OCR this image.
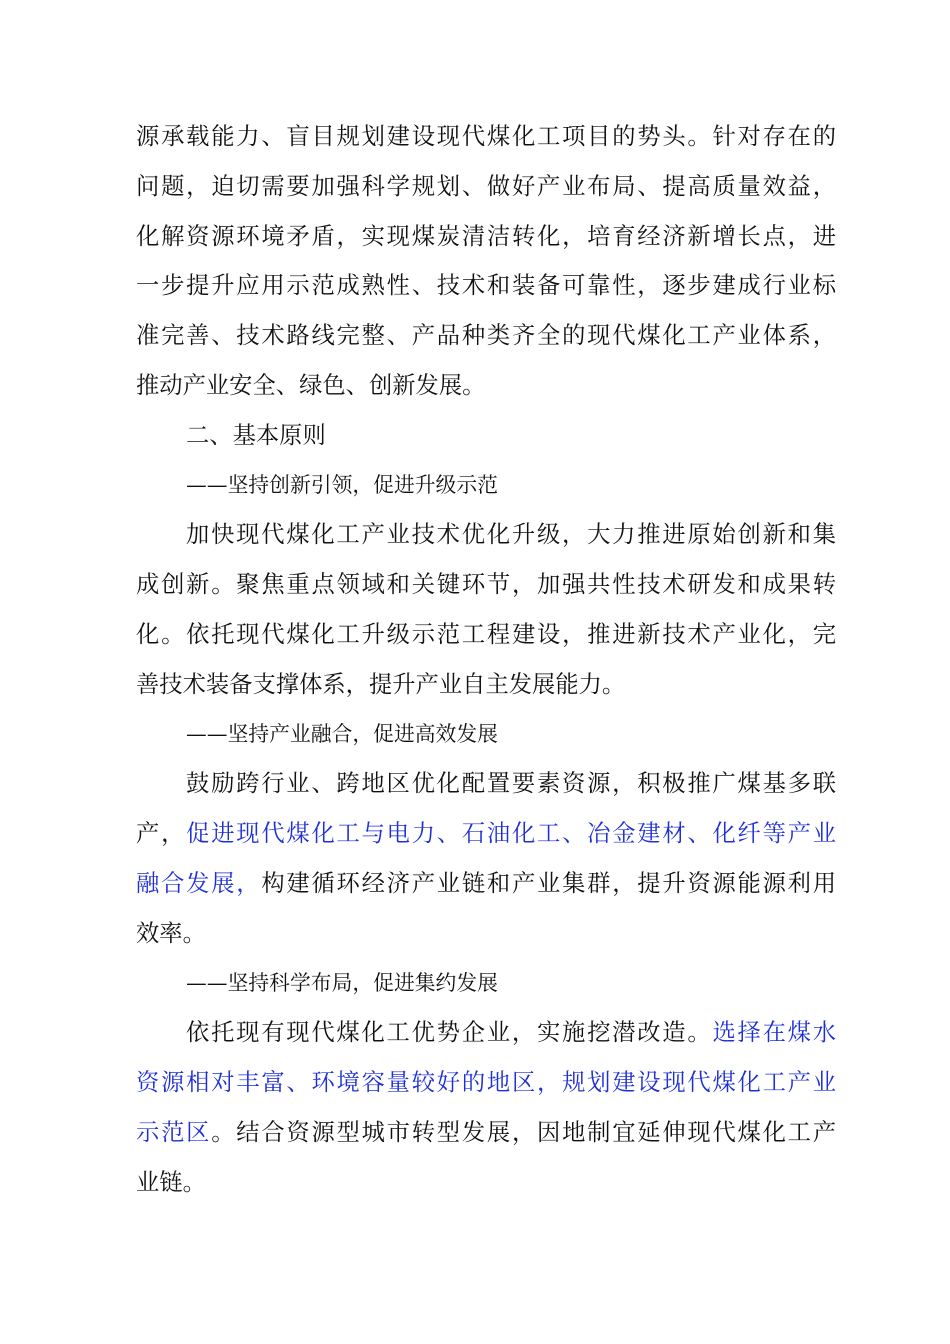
源承载能力、盲目规划建设现代煤化工项目的势头。针对存在的
问题，迫切需要加强科学规划、做好产业布局、提高质量效益，
化解资源环境矛盾，实现煤炭清洁转化，培育经济新增长点，进
一步提升应用示范成熟性、技术和装备可靠性，逐步建成行业标
准完善、技术路线完整、产品种类齐全的现代煤化工产业体系，
推动产业安全、绿色、创新发展。
二、基本原则
——坚持创新引领，促进升级示范
加快现代煤化工产业技术优化升级，大力推进原始创新和集
成创新。聚焦重点领域和关键环节，加强共性技术研发和成果转
化。依托现代煤化工升级示范工程建设，推进新技术产业化，完
善技术装备支撑体系，提升产业自主发展能力。
——坚持产业融合，促进高效发展
鼓励跨行业、跨地区优化配置要素资源，积极推广煤基多联
产，促进现代煤化工与电力、石油化工、冶金建材、化纤等产业
融合发展，构建循环经济产业链和产业集群，提升资源能源利用
效率。
——坚持科学布局，促进集约发展
依托现有现代煤化工优势企业，实施挖潜改造。选择在煤水
资源相对丰富、环境容量较好的地区，规划建设现代煤化工产业
示范区。结合资源型城市转型发展，因地制宜延伸现代煤化工产
业链。
